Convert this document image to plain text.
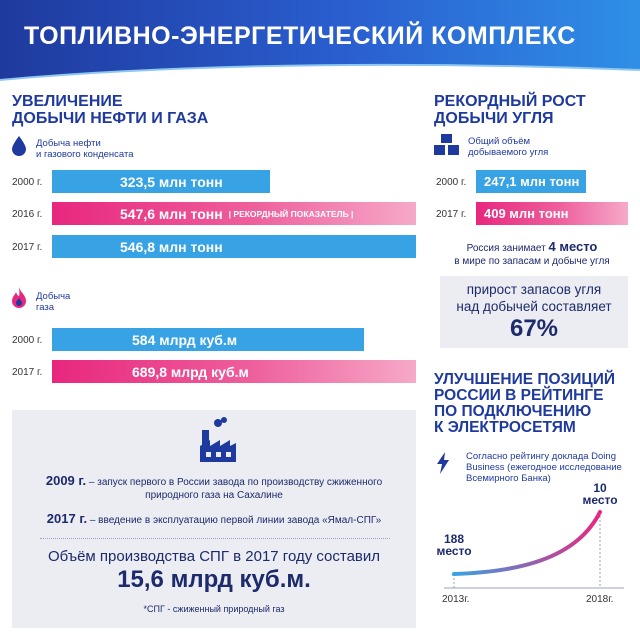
ТОПЛИВНО-ЭНЕРГЕТИЧЕСКИЙ КОМПЛЕКС
УВЕЛИЧЕНИЕ
ДОБЫЧИ НЕФТИ И ГАЗА
Добыча нефти
и газового конденсата
2000 г.	323,5 млн тонн
2016 г.	547,6 млн тонн | РЕКОРДНЫЙ ПОКАЗАТЕЛЬ |
2017 г.	546,8 млн тонн
Добыча
газа
2000 г.	584 млрд куб.м
2017 г.	689,8 млрд куб.м
2009 г. – запуск первого в России завода по производству сжиженного
природного газа на Сахалине
2017 г. – введение в эксплуатацию первой линии завода «Ямал-СПГ»
Объём производства СПГ в 2017 году составил
15,6 млрд куб.м.
*СПГ - сжиженный природный газ
РЕКОРДНЫЙ РОСТ
ДОБЫЧИ УГЛЯ
Общий объём
добываемого угля
2000 г. 247,1 млн тонн
2017 г. 409 млн тонн
Россия занимает 4 место
в мире по запасам и добыче угля
прирост запасов угля
над добычей составляет
67%
УЛУЧШЕНИЕ ПОЗИЦИЙ
РОССИИ В РЕЙТИНГЕ
ПО ПОДКЛЮЧЕНИЮ
К ЭЛЕКТРОСЕТЯМ
Согласно рейтингу доклада Doing
Business (ежегодное исследование
Всемирного Банка)
188
место
10
место
2013г.	2018г.
